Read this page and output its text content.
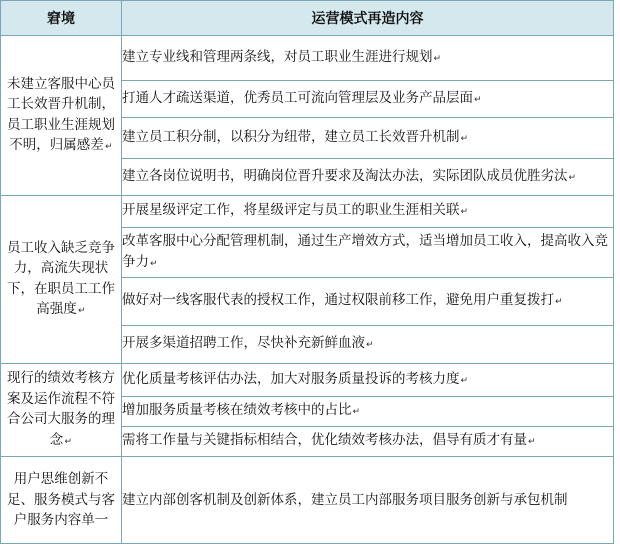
窘境	运营模式再造内容
未建立客服中心员工长效晋升机制，员工职业生涯规划不明，归属感差↵	建立专业线和管理两条线，对员工职业生涯进行规划↵
	打通人才疏送渠道，优秀员工可流向管理层及业务产品层面↵
	建立员工积分制，以积分为纽带，建立员工长效晋升机制↵
	建立各岗位说明书，明确岗位晋升要求及淘汰办法，实际团队成员优胜劣汰↵
员工收入缺乏竞争力，高流失现状下，在职员工工作高强度↵	开展星级评定工作，将星级评定与员工的职业生涯相关联↵
	改革客服中心分配管理机制，通过生产增效方式，适当增加员工收入，提高收入竞争力↵
	做好对一线客服代表的授权工作，通过权限前移工作，避免用户重复拨打↵
	开展多渠道招聘工作，尽快补充新鲜血液↵
现行的绩效考核方案及运作流程不符合公司大服务的理念↵	优化质量考核评估办法，加大对服务质量投诉的考核力度↵
	增加服务质量考核在绩效考核中的占比↵
	需将工作量与关键指标相结合，优化绩效考核办法，倡导有质才有量↵
用户思维创新不足、服务模式与客户服务内容单一	建立内部创客机制及创新体系，建立员工内部服务项目服务创新与承包机制
